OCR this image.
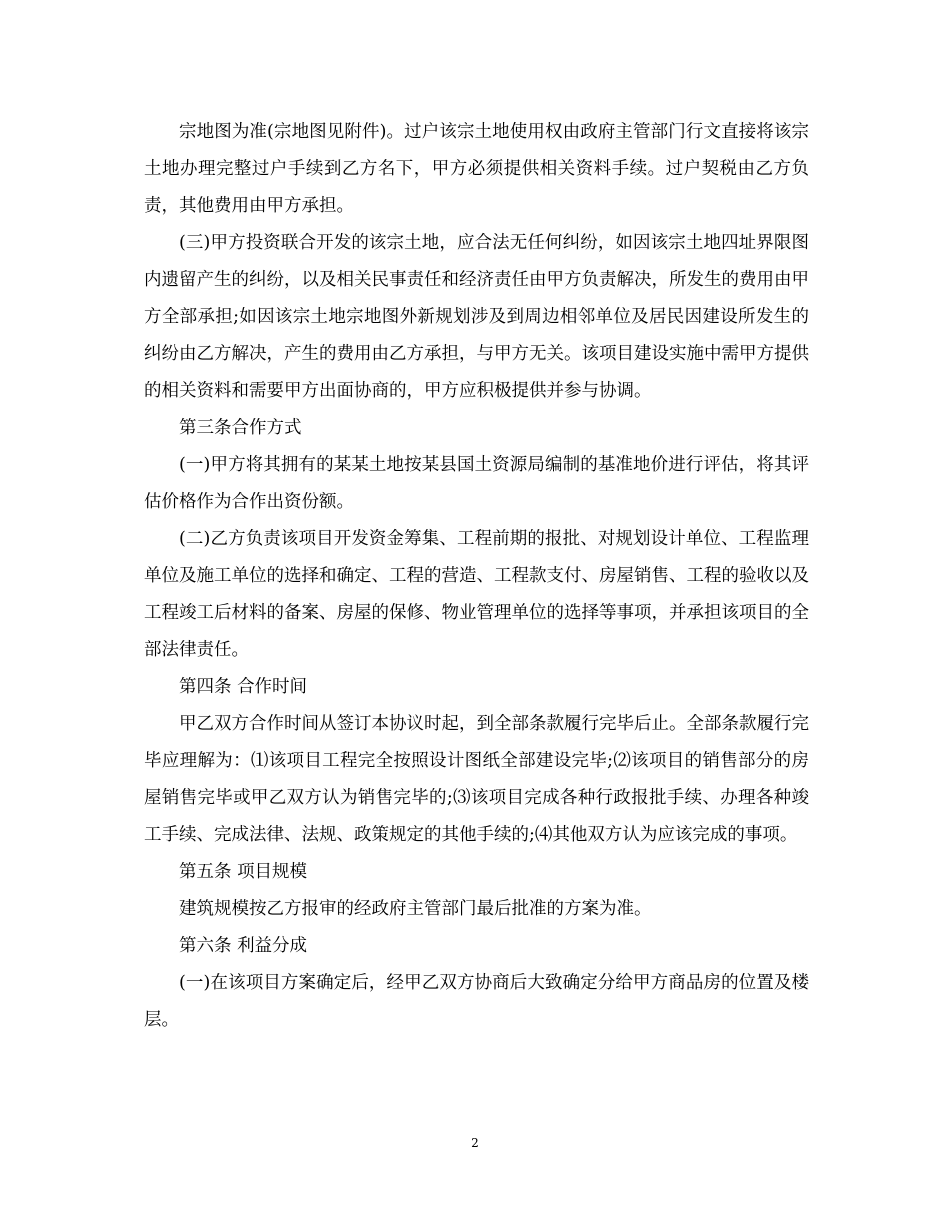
宗地图为准(宗地图见附件)。过户该宗土地使用权由政府主管部门行文直接将该宗土地办理完整过户手续到乙方名下，甲方必须提供相关资料手续。过户契税由乙方负责，其他费用由甲方承担。

(三)甲方投资联合开发的该宗土地，应合法无任何纠纷，如因该宗土地四址界限图内遗留产生的纠纷，以及相关民事责任和经济责任由甲方负责解决，所发生的费用由甲方全部承担;如因该宗土地宗地图外新规划涉及到周边相邻单位及居民因建设所发生的纠纷由乙方解决，产生的费用由乙方承担，与甲方无关。该项目建设实施中需甲方提供的相关资料和需要甲方出面协商的，甲方应积极提供并参与协调。

第三条合作方式

(一)甲方将其拥有的某某土地按某县国土资源局编制的基准地价进行评估，将其评估价格作为合作出资份额。

(二)乙方负责该项目开发资金筹集、工程前期的报批、对规划设计单位、工程监理单位及施工单位的选择和确定、工程的营造、工程款支付、房屋销售、工程的验收以及工程竣工后材料的备案、房屋的保修、物业管理单位的选择等事项，并承担该项目的全部法律责任。

第四条 合作时间

甲乙双方合作时间从签订本协议时起，到全部条款履行完毕后止。全部条款履行完毕应理解为：⑴该项目工程完全按照设计图纸全部建设完毕;⑵该项目的销售部分的房屋销售完毕或甲乙双方认为销售完毕的;⑶该项目完成各种行政报批手续、办理各种竣工手续、完成法律、法规、政策规定的其他手续的;⑷其他双方认为应该完成的事项。

第五条 项目规模

建筑规模按乙方报审的经政府主管部门最后批准的方案为准。

第六条 利益分成

(一)在该项目方案确定后，经甲乙双方协商后大致确定分给甲方商品房的位置及楼层。

2
